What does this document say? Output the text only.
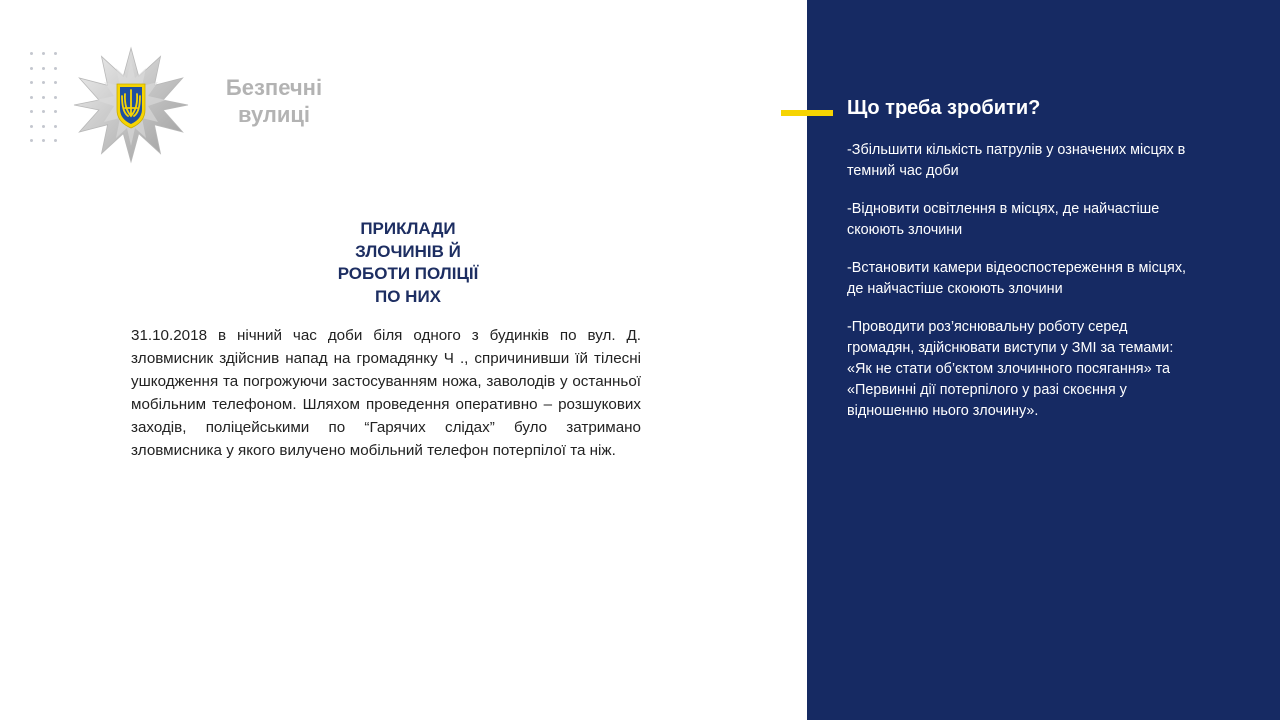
Безпечні
вулиці
ПРИКЛАДИ
ЗЛОЧИНІВ Й
РОБОТИ ПОЛІЦІЇ
ПО НИХ

31.10.2018 в нічний час доби біля одного з будинків по вул. Д. зловмисник здійснив напад на громадянку Ч ., спричинивши їй тілесні ушкодження та погрожуючи застосуванням ножа, заволодів у останньої мобільним телефоном. Шляхом проведення оперативно – розшукових заходів, поліцейськими по “Гарячих слідах” було затримано зловмисника у якого вилучено мобільний телефон потерпілої та ніж.

Що треба зробити?
-Збільшити кількість патрулів у означених місцях в темний час доби
-Відновити освітлення в місцях, де найчастіше скоюють злочини
-Встановити камери відеоспостереження в місцях, де найчастіше скоюють злочини
-Проводити роз’яснювальну роботу серед громадян, здійснювати виступи у ЗМІ за темами: «Як не стати об’єктом злочинного посягання» та «Первинні дії потерпілого у разі скоєння у відношенню нього злочину».
